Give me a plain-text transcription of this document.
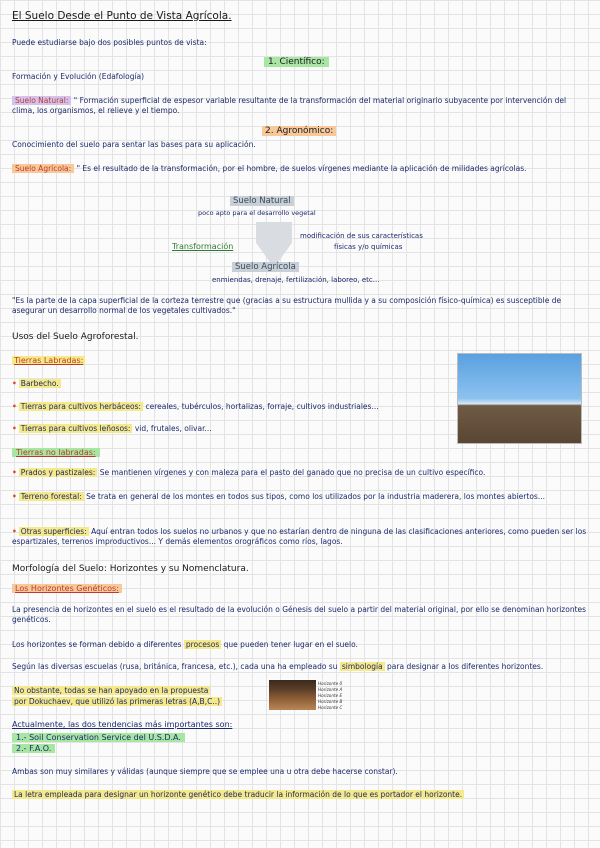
El Suelo Desde el Punto de Vista Agrícola.
Puede estudiarse bajo dos posibles puntos de vista:
1. Científico:
Formación y Evolución (Edafología)
Suelo Natural: " Formación superficial de espesor variable resultante de la transformación del material originario subyacente por intervención del clima, los organismos, el relieve y el tiempo.
2. Agronómico:
Conocimiento del suelo para sentar las bases para su aplicación.
Suelo Agrícola: " Es el resultado de la transformación, por el hombre, de suelos vírgenes mediante la aplicación de milidades agrícolas.
Suelo Natural
poco apto para el desarrollo vegetal
modificación de sus características
físicas y/o químicas
Transformación
Suelo Agrícola
enmiendas, drenaje, fertilización, laboreo, etc...
"Es la parte de la capa superficial de la corteza terrestre que (gracias a su estructura mullida y a su composición físico-química) es susceptible de asegurar un desarrollo normal de los vegetales cultivados."
Usos del Suelo Agroforestal.
Tierras Labradas:
• Barbecho.
• Tierras para cultivos herbáceos: cereales, tubérculos, hortalizas, forraje, cultivos industriales...
• Tierras para cultivos leñosos: vid, frutales, olivar...
Tierras no labradas:
• Prados y pastizales: Se mantienen vírgenes y con maleza para el pasto del ganado que no precisa de un cultivo específico.
• Terreno forestal: Se trata en general de los montes en todos sus tipos, como los utilizados por la industria maderera, los montes abiertos...
• Otras superficies: Aquí entran todos los suelos no urbanos y que no estarían dentro de ninguna de las clasificaciones anteriores, como pueden ser los espartizales, terrenos improductivos... Y demás elementos orográficos como ríos, lagos.
Morfología del Suelo: Horizontes y su Nomenclatura.
Los Horizontes Genéticos:
La presencia de horizontes en el suelo es el resultado de la evolución o Génesis del suelo a partir del material original, por ello se denominan horizontes genéticos.
Los horizontes se forman debido a diferentes procesos que pueden tener lugar en el suelo.
Según las diversas escuelas (rusa, británica, francesa, etc.), cada una ha empleado su simbología para designar a los diferentes horizontes.
No obstante, todas se han apoyado en la propuesta
por Dokuchaev, que utilizó las primeras letras (A,B,C..)
Horizonte 0
Horizonte A
Horizonte E
Horizonte B
Horizonte C
Actualmente, las dos tendencias más importantes son:
1.- Soil Conservation Service del U.S.D.A.
2.- F.A.O.
Ambas son muy similares y válidas (aunque siempre que se emplee una u otra debe hacerse constar).
La letra empleada para designar un horizonte genético debe traducir la información de lo que es portador el horizonte.
